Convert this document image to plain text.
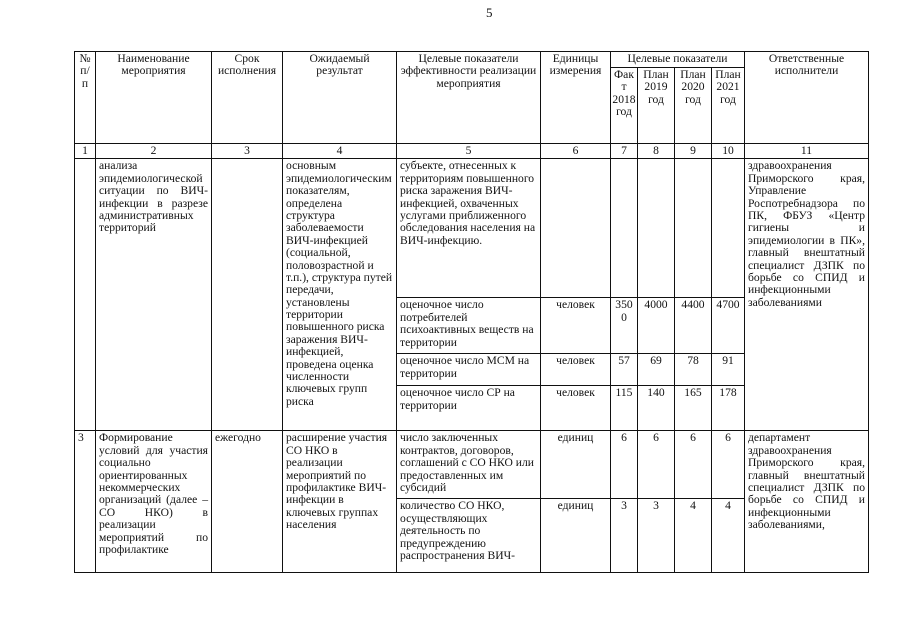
5
№ п/п	Наименование мероприятия	Срок исполнения	Ожидаемый результат	Целевые показатели эффективности реализации мероприятия	Единицы измерения	Целевые показатели				Ответственные исполнители
						Факт 2018 год	План 2019 год	План 2020 год	План 2021 год	
1	2	3	4	5	6	7	8	9	10	11
	анализа эпидемиологической ситуации по ВИЧ-инфекции в разрезе административных территорий		основным эпидемиологическим показателям, определена структура заболеваемости ВИЧ-инфекцией (социальной, половозрастной и т.п.), структура путей передачи, установлены территории повышенного риска заражения ВИЧ-инфекцией, проведена оценка численности ключевых групп риска	субъекте, отнесенных к территориям повышенного риска заражения ВИЧ-инфекцией, охваченных услугами приближенного обследования населения на ВИЧ-инфекцию.						здравоохранения Приморского края, Управление Роспотребнадзора по ПК, ФБУЗ «Центр гигиены и эпидемиологии в ПК», главный внештатный специалист ДЗПК по борьбе со СПИД и инфекционными заболеваниями
				оценочное число потребителей психоактивных веществ на территории	человек	3500	4000	4400	4700	
				оценочное число МСМ на территории	человек	57	69	78	91	
				оценочное число СР на территории	человек	115	140	165	178	
3	Формирование условий для участия социально ориентированных некоммерческих организаций (далее – СО НКО) в реализации мероприятий по профилактике	ежегодно	расширение участия СО НКО в реализации мероприятий по профилактике ВИЧ-инфекции в ключевых группах населения	число заключенных контрактов, договоров, соглашений с СО НКО или предоставленных им субсидий	единиц	6	6	6	6	департамент здравоохранения Приморского края, главный внештатный специалист ДЗПК по борьбе со СПИД и инфекционными заболеваниями,
				количество СО НКО, осуществляющих деятельность по предупреждению распространения ВИЧ-	единиц	3	3	4	4	
